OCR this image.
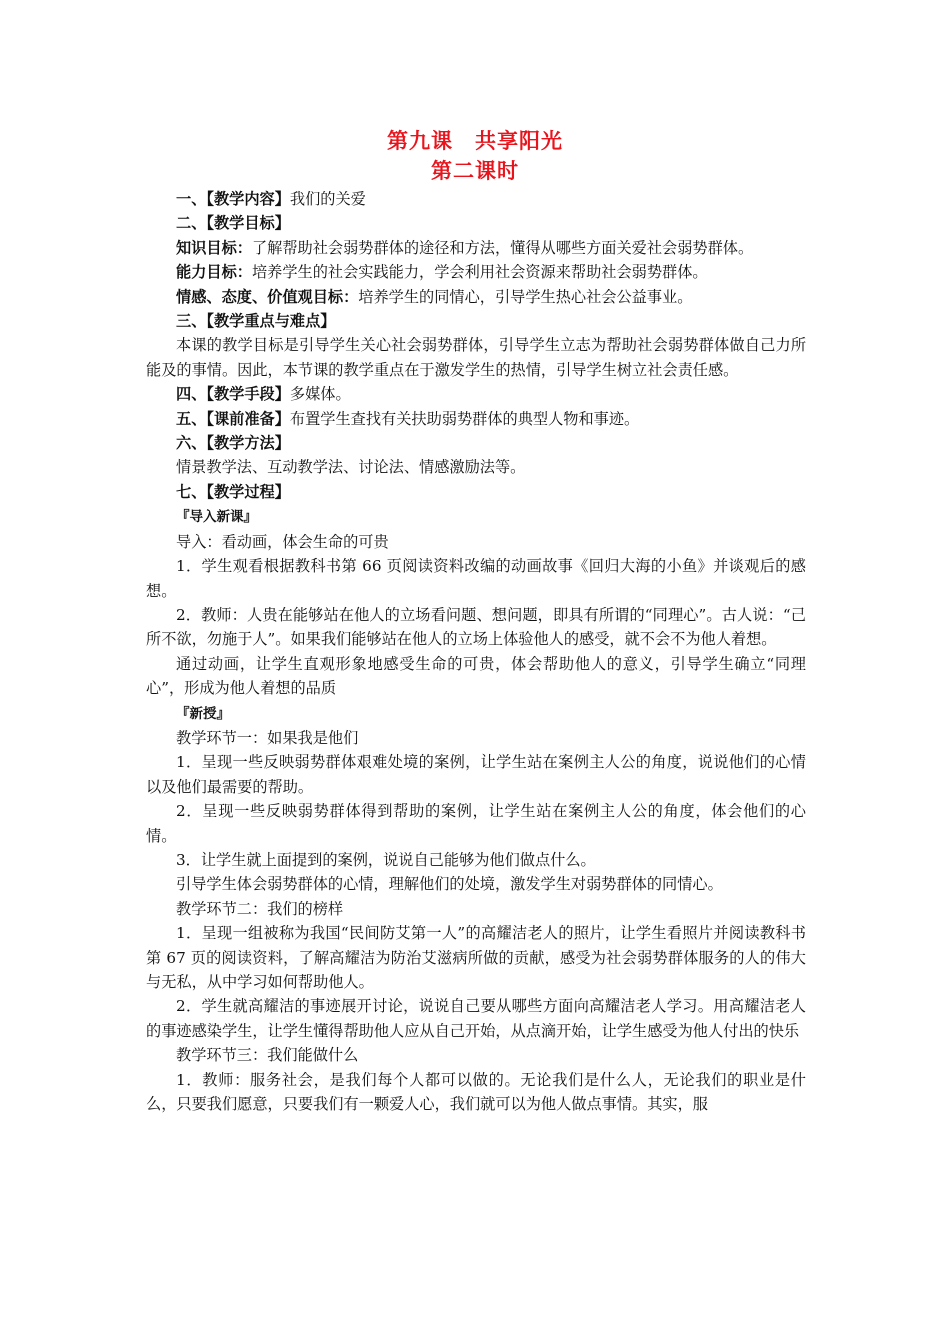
第九课　共享阳光
第二课时

一、【教学内容】我们的关爱

二、【教学目标】

知识目标：了解帮助社会弱势群体的途径和方法，懂得从哪些方面关爱社会弱势群体。

能力目标：培养学生的社会实践能力，学会利用社会资源来帮助社会弱势群体。

情感、态度、价值观目标：培养学生的同情心，引导学生热心社会公益事业。

三、【教学重点与难点】

本课的教学目标是引导学生关心社会弱势群体，引导学生立志为帮助社会弱势群体做自己力所能及的事情。因此，本节课的教学重点在于激发学生的热情，引导学生树立社会责任感。

四、【教学手段】多媒体。

五、【课前准备】布置学生查找有关扶助弱势群体的典型人物和事迹。

六、【教学方法】

情景教学法、互动教学法、讨论法、情感激励法等。

七、【教学过程】

『导入新课』

导入：看动画，体会生命的可贵

1．学生观看根据教科书第 66 页阅读资料改编的动画故事《回归大海的小鱼》并谈观后的感想。

2．教师：人贵在能够站在他人的立场看问题、想问题，即具有所谓的“同理心”。古人说：“己所不欲，勿施于人”。如果我们能够站在他人的立场上体验他人的感受，就不会不为他人着想。

通过动画，让学生直观形象地感受生命的可贵，体会帮助他人的意义，引导学生确立“同理心”，形成为他人着想的品质

『新授』

教学环节一：如果我是他们

1．呈现一些反映弱势群体艰难处境的案例，让学生站在案例主人公的角度，说说他们的心情以及他们最需要的帮助。

2．呈现一些反映弱势群体得到帮助的案例，让学生站在案例主人公的角度，体会他们的心情。

3．让学生就上面提到的案例，说说自己能够为他们做点什么。

引导学生体会弱势群体的心情，理解他们的处境，激发学生对弱势群体的同情心。

教学环节二：我们的榜样

1．呈现一组被称为我国“民间防艾第一人”的高耀洁老人的照片，让学生看照片并阅读教科书第 67 页的阅读资料，了解高耀洁为防治艾滋病所做的贡献，感受为社会弱势群体服务的人的伟大与无私，从中学习如何帮助他人。

2．学生就高耀洁的事迹展开讨论，说说自己要从哪些方面向高耀洁老人学习。用高耀洁老人的事迹感染学生，让学生懂得帮助他人应从自己开始，从点滴开始，让学生感受为他人付出的快乐

教学环节三：我们能做什么

1．教师：服务社会，是我们每个人都可以做的。无论我们是什么人，无论我们的职业是什么，只要我们愿意，只要我们有一颗爱人心，我们就可以为他人做点事情。其实，服
